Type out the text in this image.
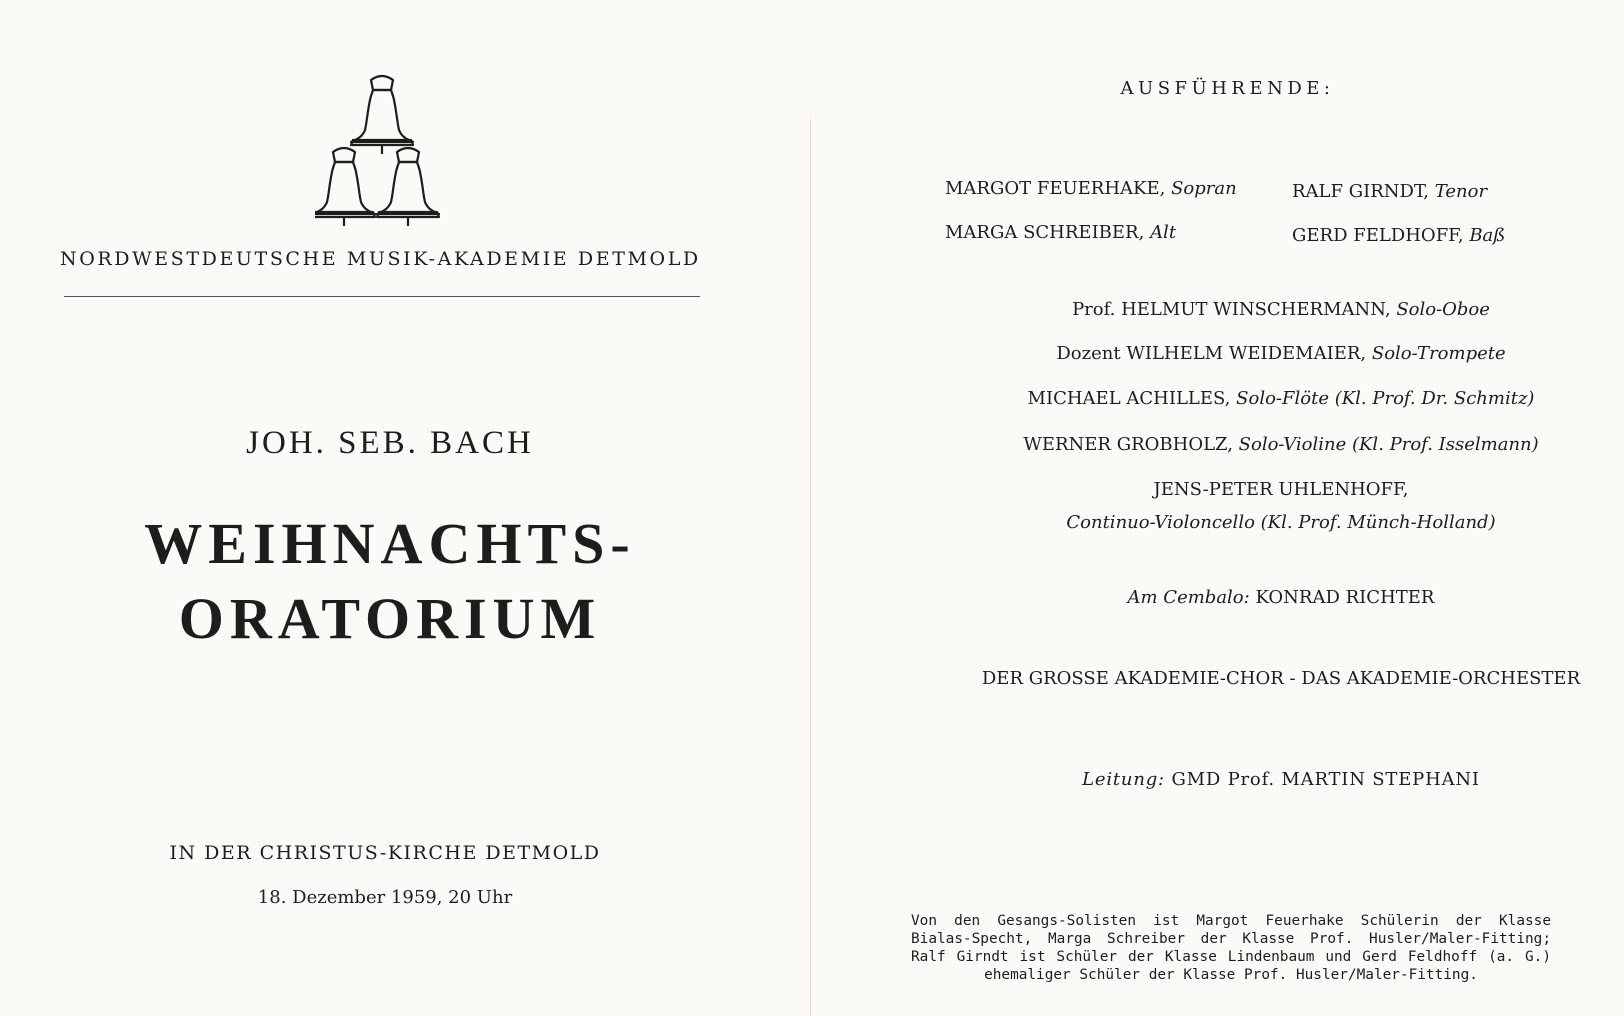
NORDWESTDEUTSCHE MUSIK-AKADEMIE DETMOLD
JOH. SEB. BACH
WEIHNACHTS-
ORATORIUM
IN DER CHRISTUS-KIRCHE DETMOLD
18. Dezember 1959, 20 Uhr
AUSFÜHRENDE:
MARGOT FEUERHAKE, Sopran	RALF GIRNDT, Tenor
MARGA SCHREIBER, Alt	GERD FELDHOFF, Baß
Prof. HELMUT WINSCHERMANN, Solo-Oboe
Dozent WILHELM WEIDEMAIER, Solo-Trompete
MICHAEL ACHILLES, Solo-Flöte (Kl. Prof. Dr. Schmitz)
WERNER GROBHOLZ, Solo-Violine (Kl. Prof. Isselmann)
JENS-PETER UHLENHOFF,
Continuo-Violoncello (Kl. Prof. Münch-Holland)
Am Cembalo: KONRAD RICHTER
DER GROSSE AKADEMIE-CHOR - DAS AKADEMIE-ORCHESTER
Leitung: GMD Prof. MARTIN STEPHANI
Von den Gesangs-Solisten ist Margot Feuerhake Schülerin der Klasse
Bialas-Specht, Marga Schreiber der Klasse Prof. Husler/Maler-Fitting;
Ralf Girndt ist Schüler der Klasse Lindenbaum und Gerd Feldhoff (a. G.)
ehemaliger Schüler der Klasse Prof. Husler/Maler-Fitting.
